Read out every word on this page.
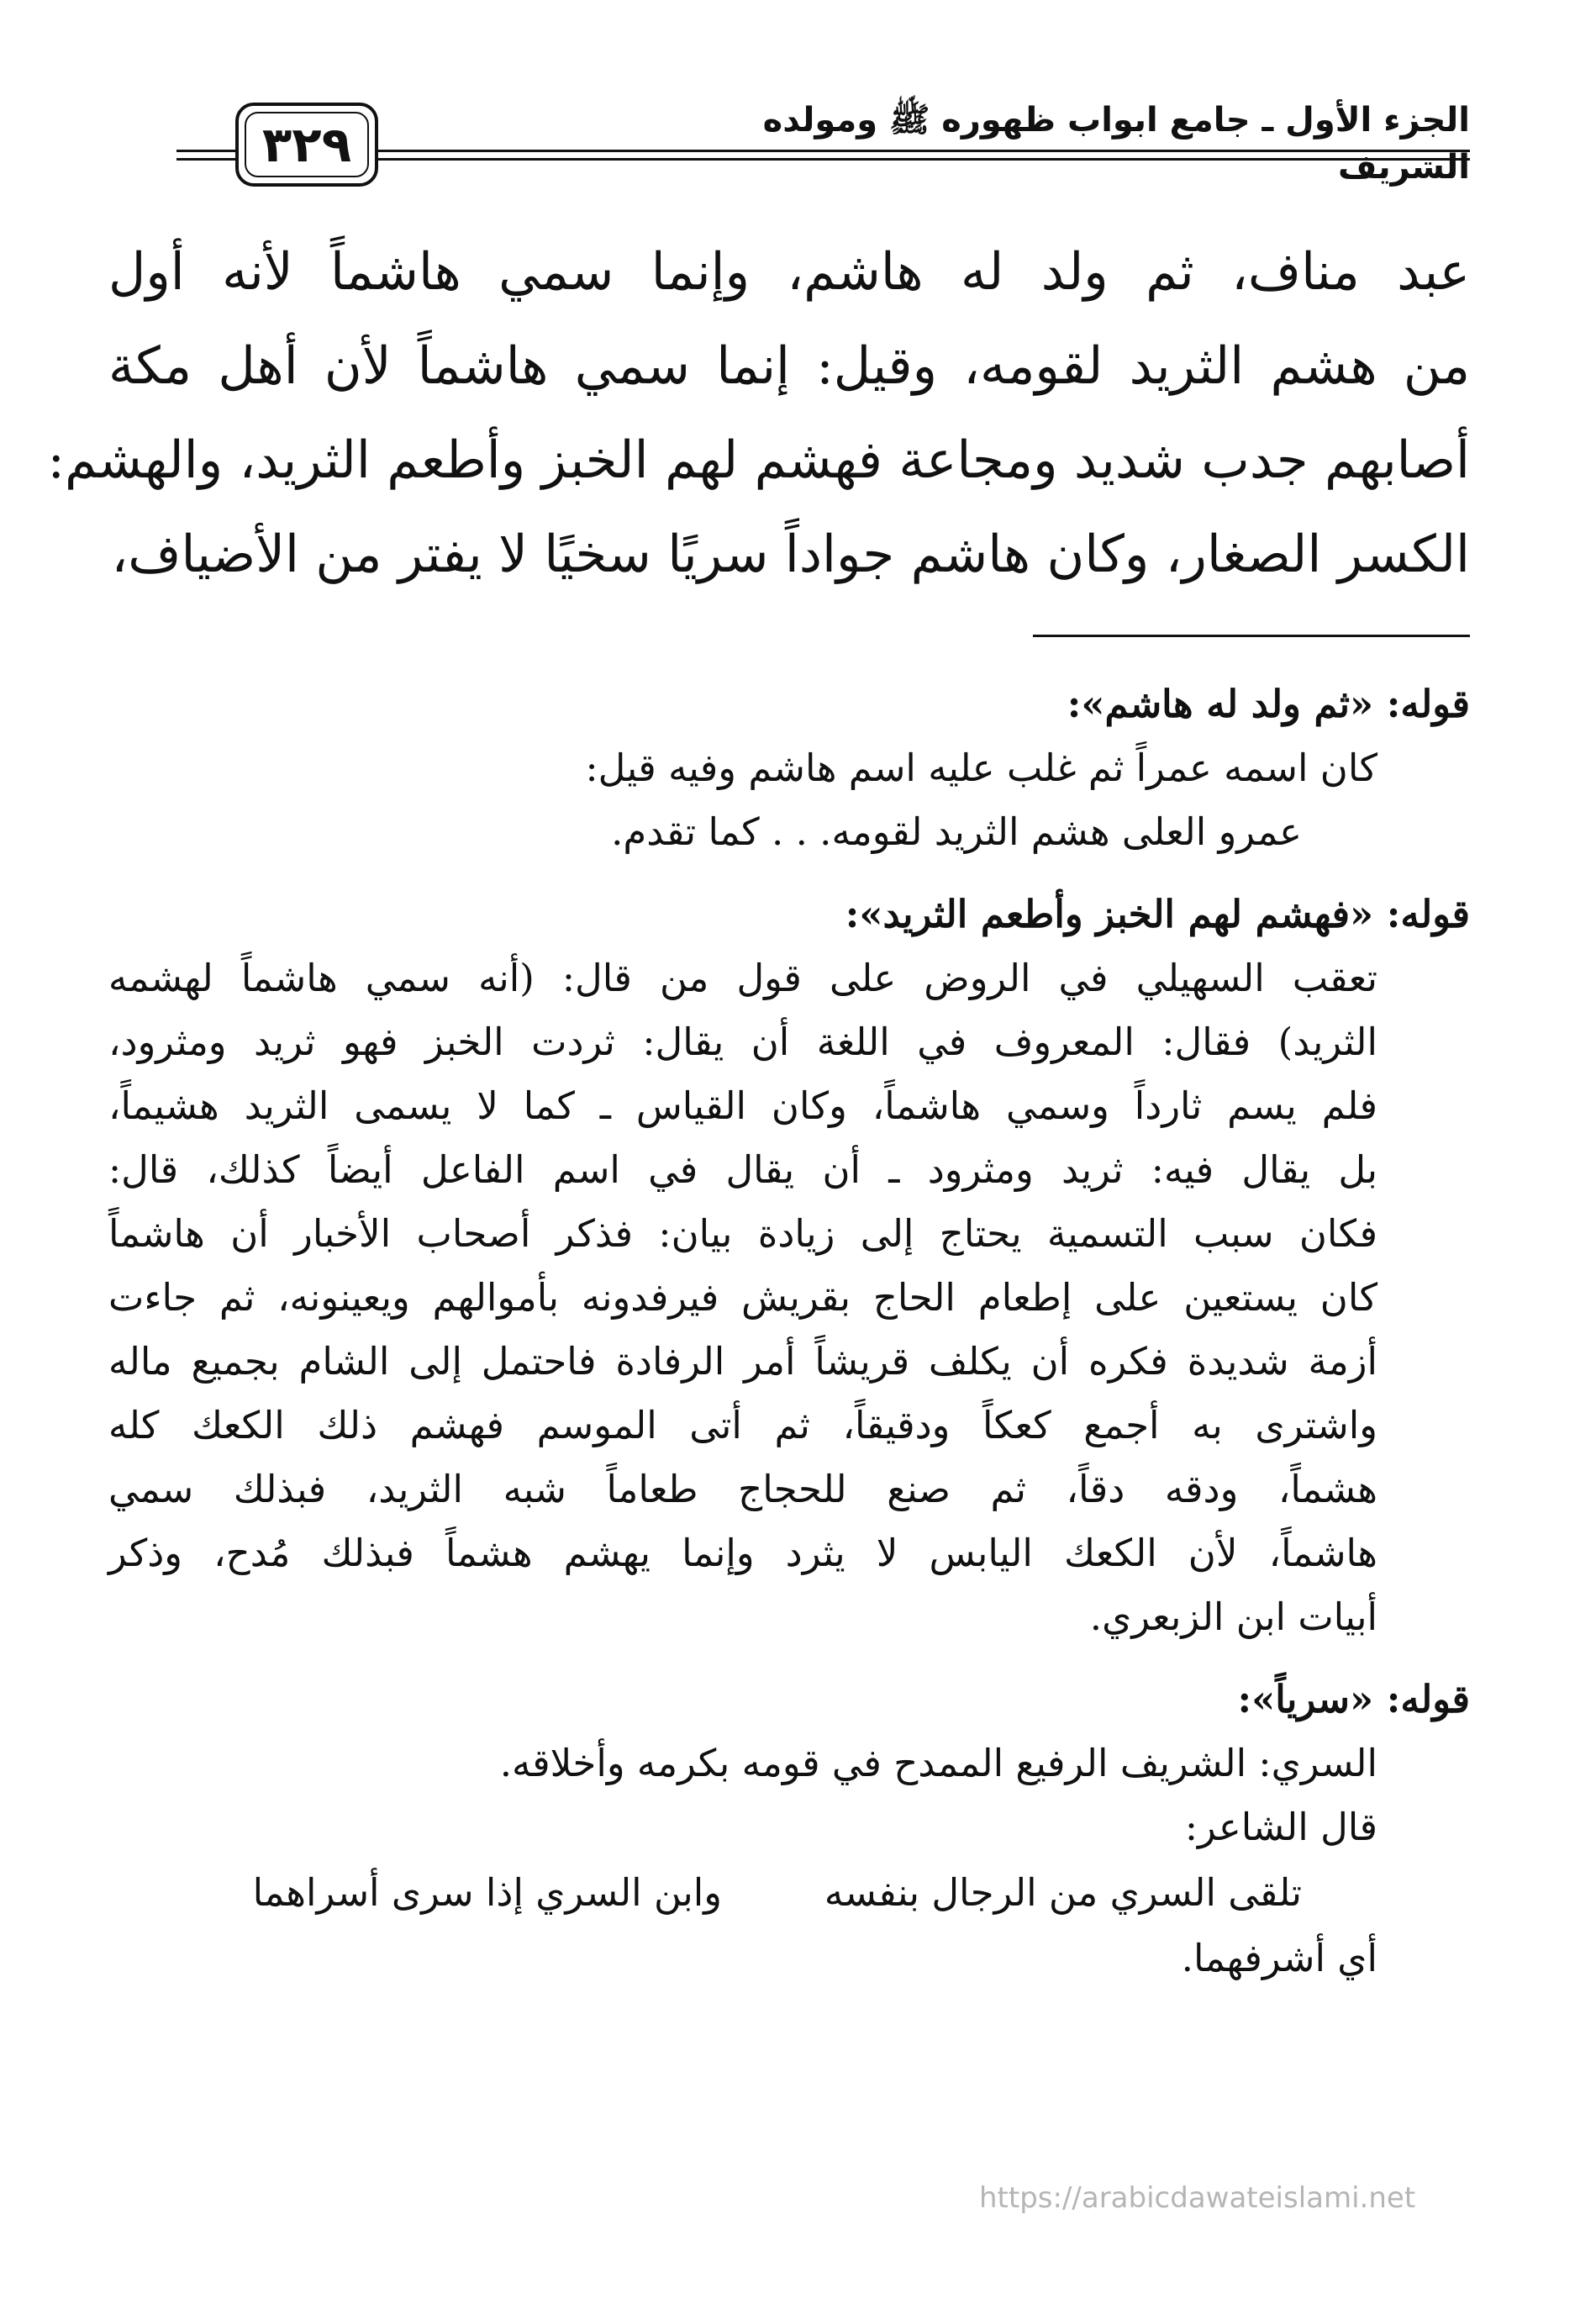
الجزء الأول ـ جامع ابواب ظهوره ﷺ ومولده الشريف
٣٢٩
عبد مناف، ثم ولد له هاشم، وإنما سمي هاشماً لأنه أول
من هشم الثريد لقومه، وقيل: إنما سمي هاشماً لأن أهل مكة
أصابهم جدب شديد ومجاعة فهشم لهم الخبز وأطعم الثريد، والهشم:
الكسر الصغار، وكان هاشم جواداً سريًا سخيًا لا يفتر من الأضياف،
قوله: «ثم ولد له هاشم»:
كان اسمه عمراً ثم غلب عليه اسم هاشم وفيه قيل:
عمرو العلى هشم الثريد لقومه. . . كما تقدم.
قوله: «فهشم لهم الخبز وأطعم الثريد»:
تعقب السهيلي في الروض على قول من قال: (أنه سمي هاشماً لهشمه
الثريد) فقال: المعروف في اللغة أن يقال: ثردت الخبز فهو ثريد ومثرود،
فلم يسم ثارداً وسمي هاشماً، وكان القياس ـ كما لا يسمى الثريد هشيماً،
بل يقال فيه: ثريد ومثرود ـ أن يقال في اسم الفاعل أيضاً كذلك، قال:
فكان سبب التسمية يحتاج إلى زيادة بيان: فذكر أصحاب الأخبار أن هاشماً
كان يستعين على إطعام الحاج بقريش فيرفدونه بأموالهم ويعينونه، ثم جاءت
أزمة شديدة فكره أن يكلف قريشاً أمر الرفادة فاحتمل إلى الشام بجميع ماله
واشترى به أجمع كعكاً ودقيقاً، ثم أتى الموسم فهشم ذلك الكعك كله
هشماً، ودقه دقاً، ثم صنع للحجاج طعاماً شبه الثريد، فبذلك سمي
هاشماً، لأن الكعك اليابس لا يثرد وإنما يهشم هشماً فبذلك مُدح، وذكر
أبيات ابن الزبعري.
قوله: «سرياً»:
السري: الشريف الرفيع الممدح في قومه بكرمه وأخلاقه.
قال الشاعر:
تلقى السري من الرجال بنفسه
وابن السري إذا سرى أسراهما
أي أشرفهما.
https://arabicdawateislami.net
